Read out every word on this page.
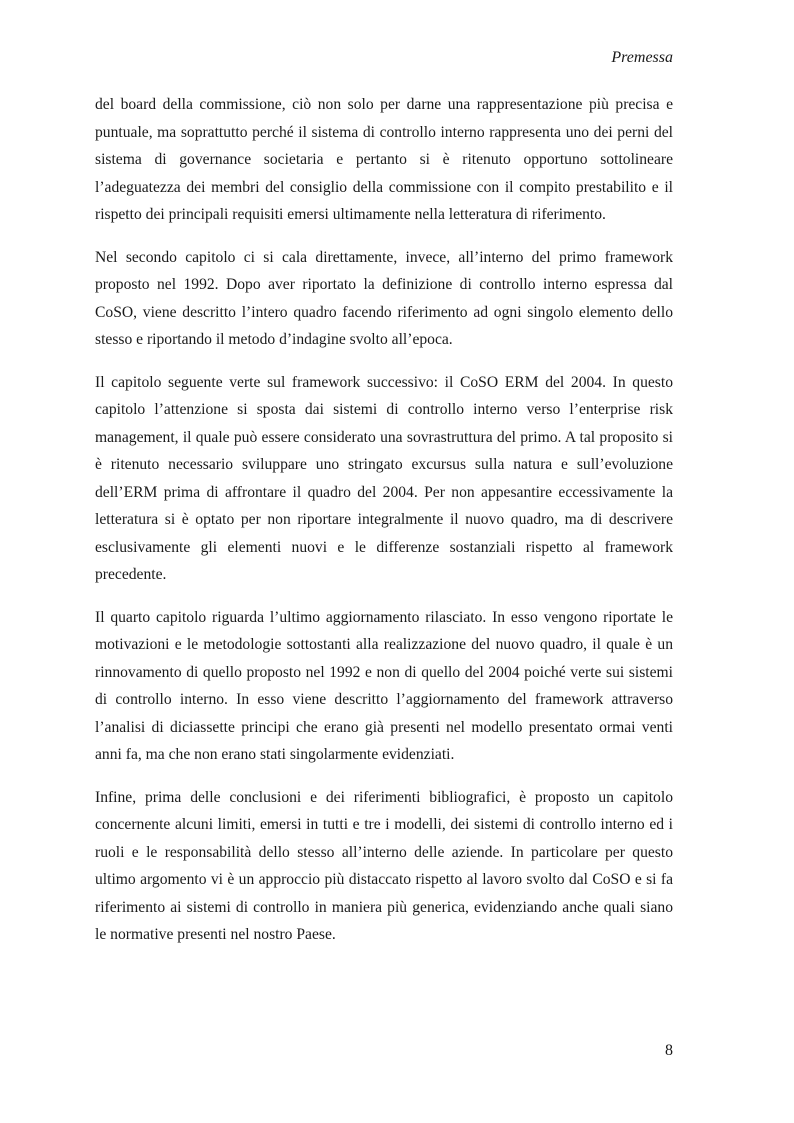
Premessa

del board della commissione, ciò non solo per darne una rappresentazione più precisa e puntuale, ma soprattutto perché il sistema di controllo interno rappresenta uno dei perni del sistema di governance societaria e pertanto si è ritenuto opportuno sottolineare l’adeguatezza dei membri del consiglio della commissione con il compito prestabilito e il rispetto dei principali requisiti emersi ultimamente nella letteratura di riferimento.

Nel secondo capitolo ci si cala direttamente, invece, all’interno del primo framework proposto nel 1992. Dopo aver riportato la definizione di controllo interno espressa dal CoSO, viene descritto l’intero quadro facendo riferimento ad ogni singolo elemento dello stesso e riportando il metodo d’indagine svolto all’epoca.

Il capitolo seguente verte sul framework successivo: il CoSO ERM del 2004. In questo capitolo l’attenzione si sposta dai sistemi di controllo interno verso l’enterprise risk management, il quale può essere considerato una sovrastruttura del primo. A tal proposito si è ritenuto necessario sviluppare uno stringato excursus sulla natura e sull’evoluzione dell’ERM prima di affrontare il quadro del 2004. Per non appesantire eccessivamente la letteratura si è optato per non riportare integralmente il nuovo quadro, ma di descrivere esclusivamente gli elementi nuovi e le differenze sostanziali rispetto al framework precedente.

Il quarto capitolo riguarda l’ultimo aggiornamento rilasciato. In esso vengono riportate le motivazioni e le metodologie sottostanti alla realizzazione del nuovo quadro, il quale è un rinnovamento di quello proposto nel 1992 e non di quello del 2004 poiché verte sui sistemi di controllo interno. In esso viene descritto l’aggiornamento del framework attraverso l’analisi di diciassette principi che erano già presenti nel modello presentato ormai venti anni fa, ma che non erano stati singolarmente evidenziati.

Infine, prima delle conclusioni e dei riferimenti bibliografici, è proposto un capitolo concernente alcuni limiti, emersi in tutti e tre i modelli, dei sistemi di controllo interno ed i ruoli e le responsabilità dello stesso all’interno delle aziende. In particolare per questo ultimo argomento vi è un approccio più distaccato rispetto al lavoro svolto dal CoSO e si fa riferimento ai sistemi di controllo in maniera più generica, evidenziando anche quali siano le normative presenti nel nostro Paese.

8
